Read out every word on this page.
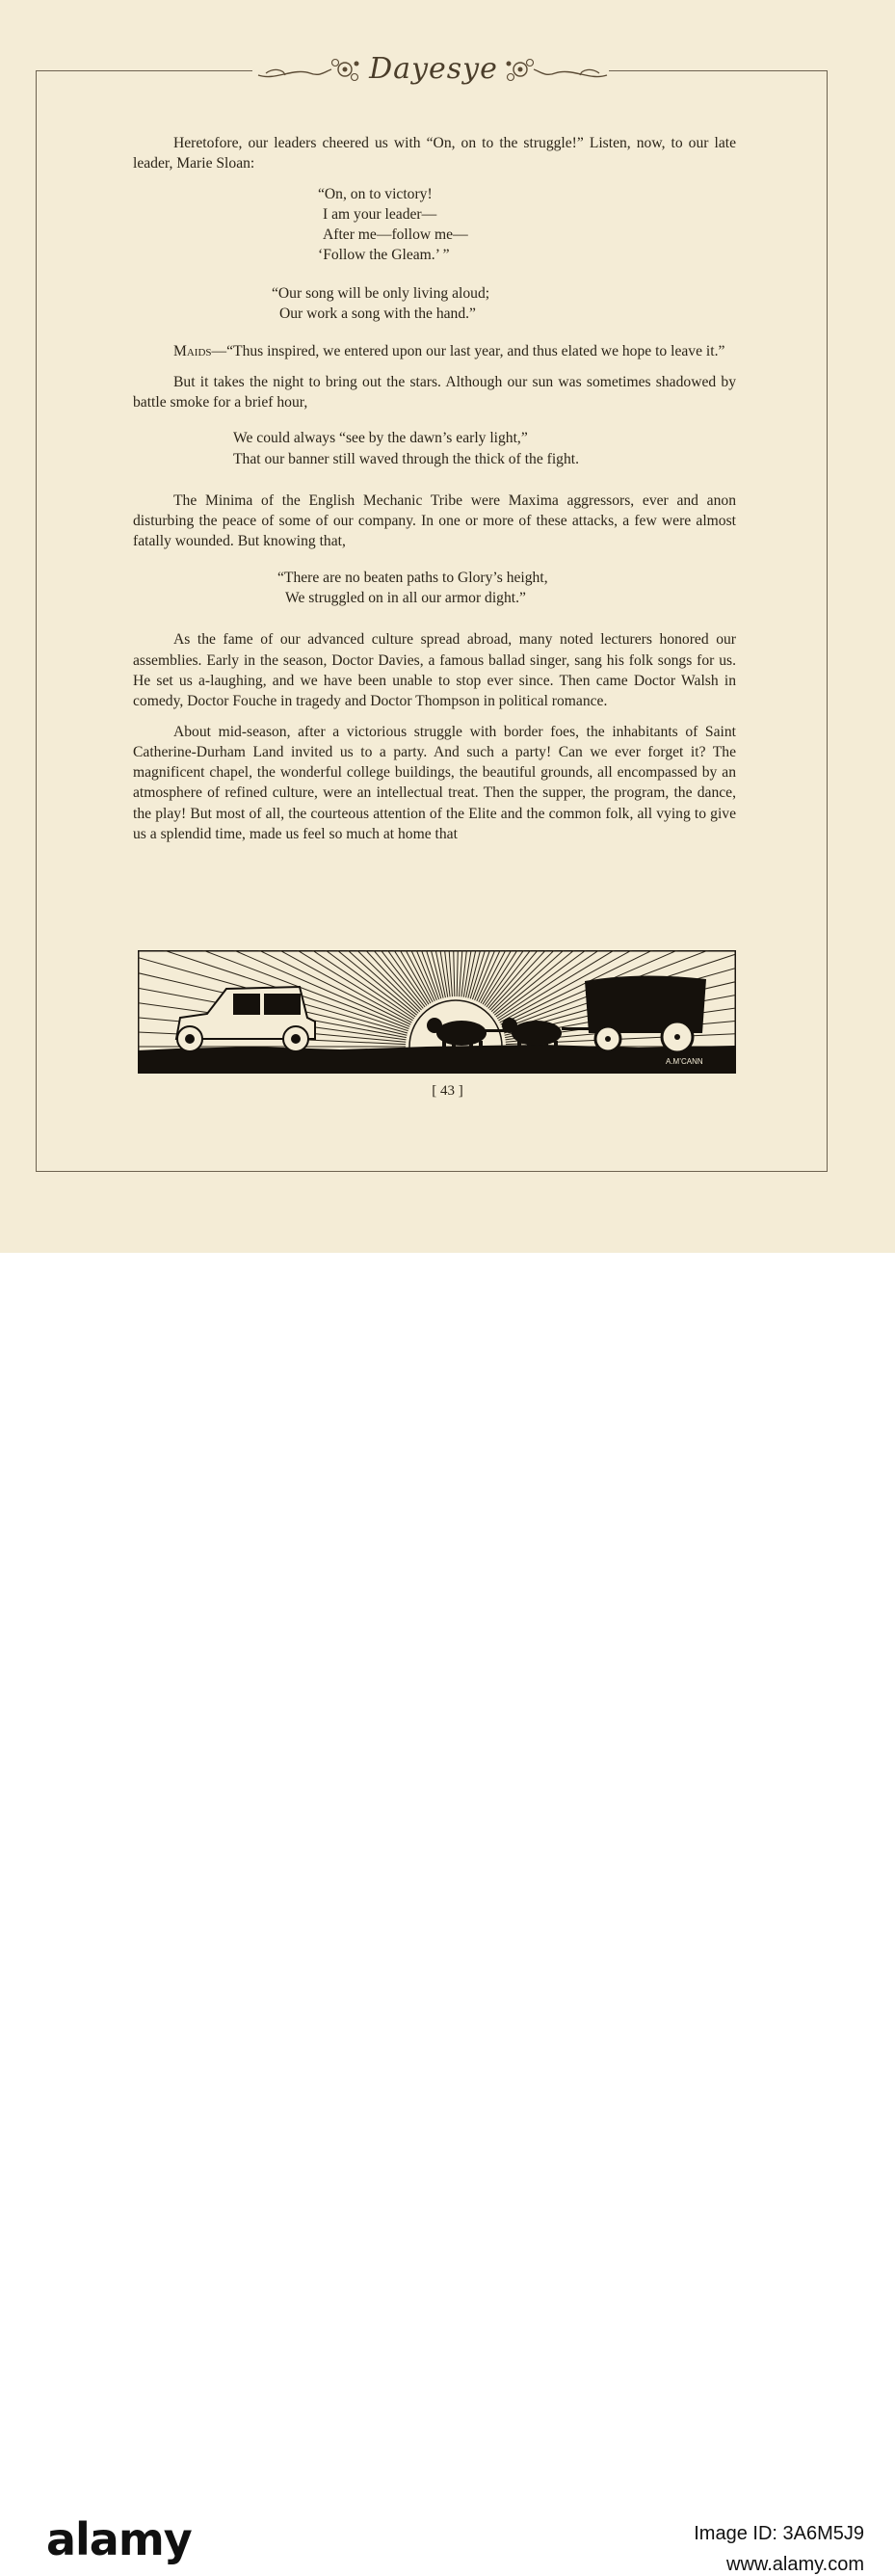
Dayesye

Heretofore, our leaders cheered us with “On, on to the struggle!” Listen, now, to our late leader, Marie Sloan:

“On, on to victory!
I am your leader—
After me—follow me—
‘Follow the Gleam.’ ”
“Our song will be only living aloud;
Our work a song with the hand.”

Maids—“Thus inspired, we entered upon our last year, and thus elated we hope to leave it.”

But it takes the night to bring out the stars. Although our sun was sometimes shadowed by battle smoke for a brief hour,

We could always “see by the dawn’s early light,”
That our banner still waved through the thick of the fight.

The Minima of the English Mechanic Tribe were Maxima aggressors, ever and anon disturbing the peace of some of our company. In one or more of these attacks, a few were almost fatally wounded. But knowing that,

“There are no beaten paths to Glory’s height,
We struggled on in all our armor dight.”

As the fame of our advanced culture spread abroad, many noted lecturers honored our assemblies. Early in the season, Doctor Davies, a famous ballad singer, sang his folk songs for us. He set us a-laughing, and we have been unable to stop ever since. Then came Doctor Walsh in comedy, Doctor Fouche in tragedy and Doctor Thompson in political romance.

About mid-season, after a victorious struggle with border foes, the inhabitants of Saint Catherine-Durham Land invited us to a party. And such a party! Can we ever forget it? The magnificent chapel, the wonderful college buildings, the beautiful grounds, all encompassed by an atmosphere of refined culture, were an intellectual treat. Then the supper, the program, the dance, the play! But most of all, the courteous attention of the Elite and the common folk, all vying to give us a splendid time, made us feel so much at home that

A.M’CANN
[ 43 ]
alamy	Image ID: 3A6M5J9
www.alamy.com
